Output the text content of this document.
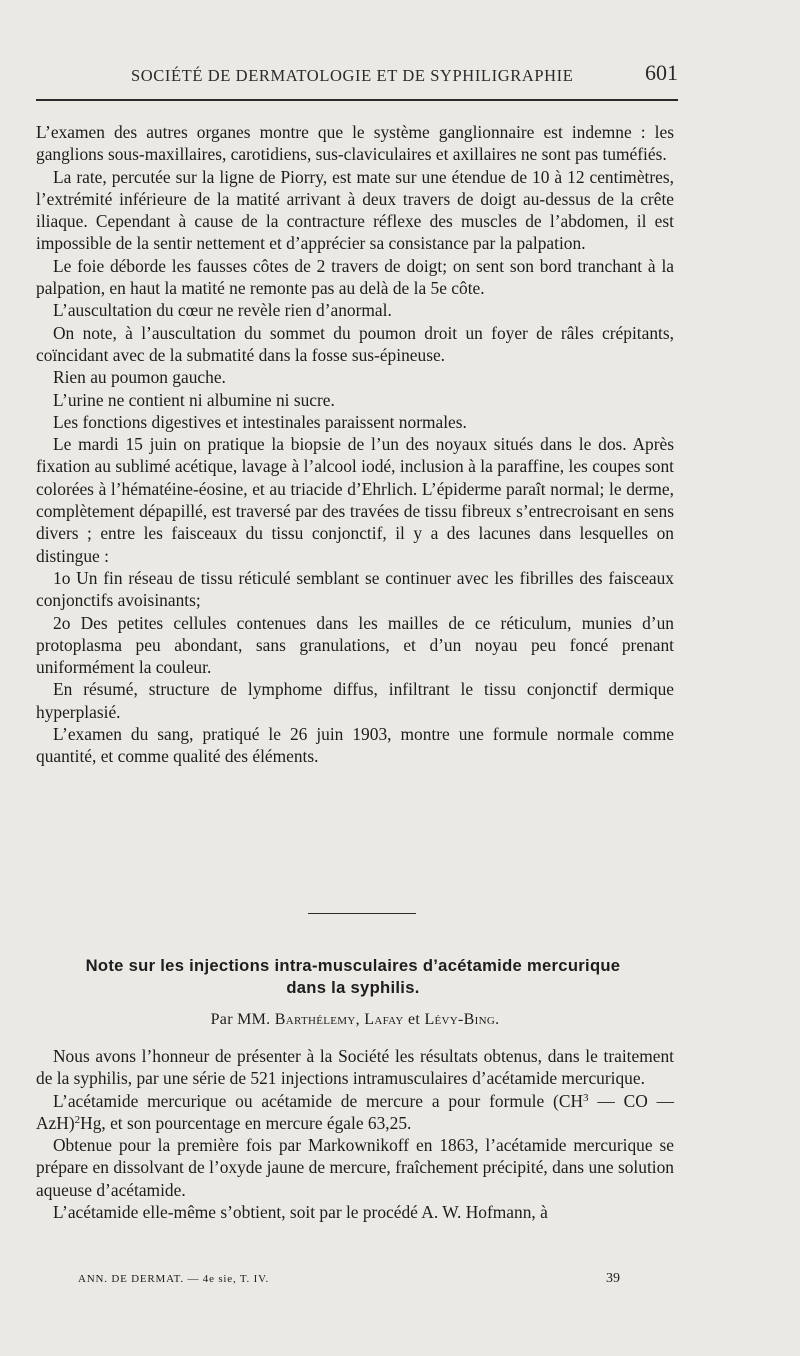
SOCIÉTÉ DE DERMATOLOGIE ET DE SYPHILIGRAPHIE	601

L’examen des autres organes montre que le système ganglionnaire est indemne : les ganglions sous-maxillaires, carotidiens, sus-claviculaires et axillaires ne sont pas tuméfiés.

La rate, percutée sur la ligne de Piorry, est mate sur une étendue de 10 à 12 centimètres, l’extrémité inférieure de la matité arrivant à deux travers de doigt au-dessus de la crête iliaque. Cependant à cause de la contracture réflexe des muscles de l’abdomen, il est impossible de la sentir nettement et d’apprécier sa consistance par la palpation.

Le foie déborde les fausses côtes de 2 travers de doigt; on sent son bord tranchant à la palpation, en haut la matité ne remonte pas au delà de la 5e côte.

L’auscultation du cœur ne revèle rien d’anormal.

On note, à l’auscultation du sommet du poumon droit un foyer de râles crépitants, coïncidant avec de la submatité dans la fosse sus-épineuse.

Rien au poumon gauche.

L’urine ne contient ni albumine ni sucre.

Les fonctions digestives et intestinales paraissent normales.

Le mardi 15 juin on pratique la biopsie de l’un des noyaux situés dans le dos. Après fixation au sublimé acétique, lavage à l’alcool iodé, inclusion à la paraffine, les coupes sont colorées à l’hématéine-éosine, et au triacide d’Ehrlich. L’épiderme paraît normal; le derme, complètement dépapillé, est traversé par des travées de tissu fibreux s’entrecroisant en sens divers ; entre les faisceaux du tissu conjonctif, il y a des lacunes dans lesquelles on distingue :

1o Un fin réseau de tissu réticulé semblant se continuer avec les fibrilles des faisceaux conjonctifs avoisinants;

2o Des petites cellules contenues dans les mailles de ce réticulum, munies d’un protoplasma peu abondant, sans granulations, et d’un noyau peu foncé prenant uniformément la couleur.

En résumé, structure de lymphome diffus, infiltrant le tissu conjonctif dermique hyperplasié.

L’examen du sang, pratiqué le 26 juin 1903, montre une formule normale comme quantité, et comme qualité des éléments.

Note sur les injections intra-musculaires d’acétamide mercurique
dans la syphilis.
Par MM. Barthélemy, Lafay et Lévy-Bing.

Nous avons l’honneur de présenter à la Société les résultats obtenus, dans le traitement de la syphilis, par une série de 521 injections intramusculaires d’acétamide mercurique.

L’acétamide mercurique ou acétamide de mercure a pour formule ($CH^3$ — CO — AzH)$^2$Hg, et son pourcentage en mercure égale 63,25.

Obtenue pour la première fois par Markownikoff en 1863, l’acétamide mercurique se prépare en dissolvant de l’oxyde jaune de mercure, fraîchement précipité, dans une solution aqueuse d’acétamide.

L’acétamide elle-même s’obtient, soit par le procédé A. W. Hofmann, à

ANN. DE DERMAT. — 4e sie, T. IV.	39
